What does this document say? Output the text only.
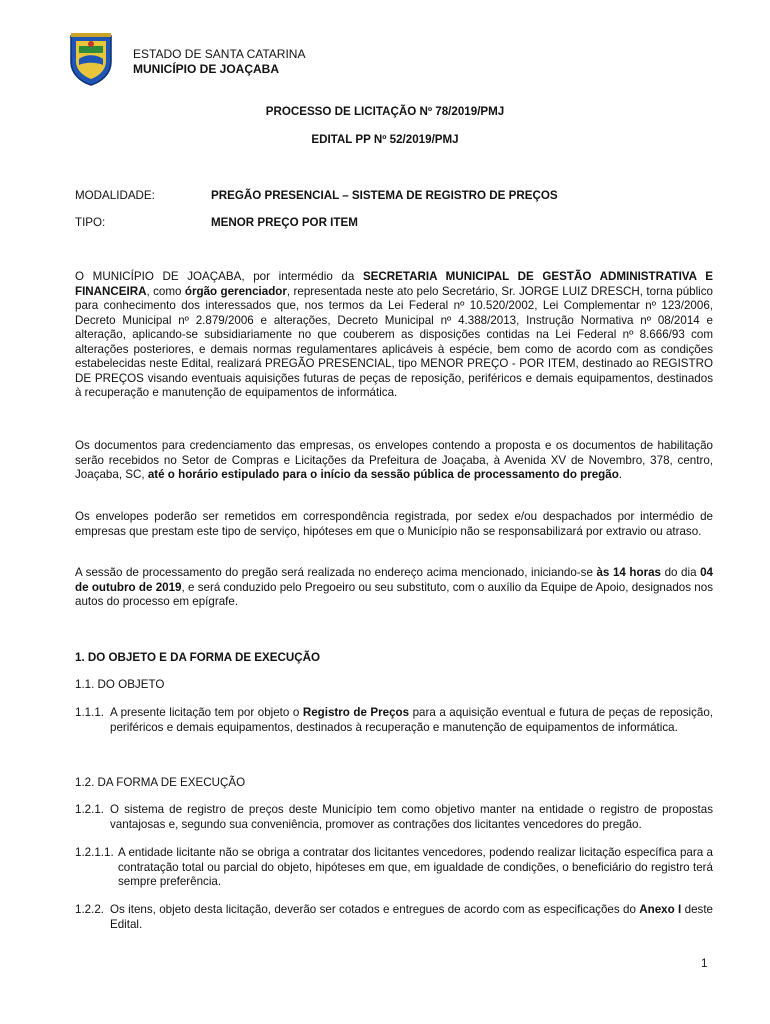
ESTADO DE SANTA CATARINA
MUNICÍPIO DE JOAÇABA
PROCESSO DE LICITAÇÃO Nº 78/2019/PMJ
EDITAL PP Nº 52/2019/PMJ
MODALIDADE:	PREGÃO PRESENCIAL – SISTEMA DE REGISTRO DE PREÇOS
TIPO:	MENOR PREÇO POR ITEM
O MUNICÍPIO DE JOAÇABA, por intermédio da SECRETARIA MUNICIPAL DE GESTÃO ADMINISTRATIVA E FINANCEIRA, como órgão gerenciador, representada neste ato pelo Secretário, Sr. JORGE LUIZ DRESCH, torna público para conhecimento dos interessados que, nos termos da Lei Federal nº 10.520/2002, Lei Complementar nº 123/2006, Decreto Municipal nº 2.879/2006 e alterações, Decreto Municipal nº 4.388/2013, Instrução Normativa nº 08/2014 e alteração, aplicando-se subsidiariamente no que couberem as disposições contidas na Lei Federal nº 8.666/93 com alterações posteriores, e demais normas regulamentares aplicáveis à espécie, bem como de acordo com as condições estabelecidas neste Edital, realizará PREGÃO PRESENCIAL, tipo MENOR PREÇO - POR ITEM, destinado ao REGISTRO DE PREÇOS visando eventuais aquisições futuras de peças de reposição, periféricos e demais equipamentos, destinados à recuperação e manutenção de equipamentos de informática.
Os documentos para credenciamento das empresas, os envelopes contendo a proposta e os documentos de habilitação serão recebidos no Setor de Compras e Licitações da Prefeitura de Joaçaba, à Avenida XV de Novembro, 378, centro, Joaçaba, SC, até o horário estipulado para o início da sessão pública de processamento do pregão.
Os envelopes poderão ser remetidos em correspondência registrada, por sedex e/ou despachados por intermédio de empresas que prestam este tipo de serviço, hipóteses em que o Município não se responsabilizará por extravio ou atraso.
A sessão de processamento do pregão será realizada no endereço acima mencionado, iniciando-se às 14 horas do dia 04 de outubro de 2019, e será conduzido pelo Pregoeiro ou seu substituto, com o auxílio da Equipe de Apoio, designados nos autos do processo em epígrafe.
1. DO OBJETO E DA FORMA DE EXECUÇÃO
1.1. DO OBJETO
1.1.1. A presente licitação tem por objeto o Registro de Preços para a aquisição eventual e futura de peças de reposição, periféricos e demais equipamentos, destinados à recuperação e manutenção de equipamentos de informática.
1.2. DA FORMA DE EXECUÇÃO
1.2.1. O sistema de registro de preços deste Município tem como objetivo manter na entidade o registro de propostas vantajosas e, segundo sua conveniência, promover as contrações dos licitantes vencedores do pregão.
1.2.1.1. A entidade licitante não se obriga a contratar dos licitantes vencedores, podendo realizar licitação específica para a contratação total ou parcial do objeto, hipóteses em que, em igualdade de condições, o beneficiário do registro terá sempre preferência.
1.2.2. Os itens, objeto desta licitação, deverão ser cotados e entregues de acordo com as especificações do Anexo I deste Edital.
1
